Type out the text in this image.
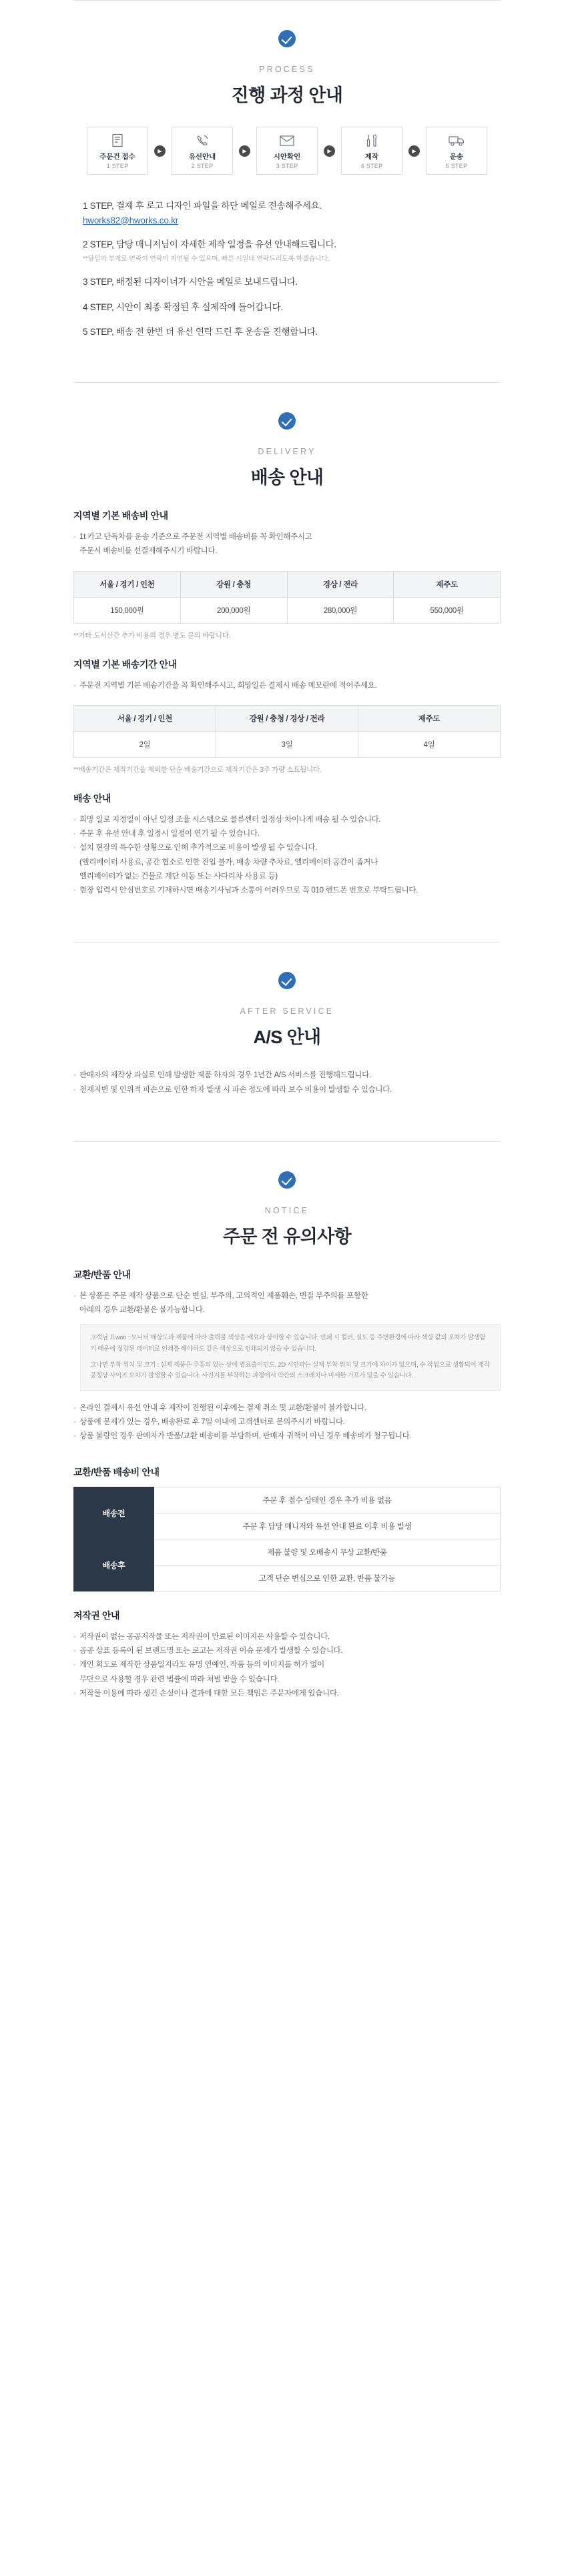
PROCESS
진행 과정 안내
주문건 접수
1 STEP
▶
유선안내
2 STEP
▶
시안확인
3 STEP
▶
제작
4 STEP
▶
운송
5 STEP
1 STEP, 결제 후 로고 디자인 파일을 하단 메일로 전송해주세요.
hworks82@hworks.co.kr
2 STEP, 담당 매니저님이 자세한 제작 일정을 유선 안내해드립니다.
**당일자 부재로 연락이 연락이 지연될 수 있으며, 빠른 시일내 연락드리도록 하겠습니다.
3 STEP, 배정된 디자이너가 시안을 메일로 보내드립니다.
4 STEP, 시안이 최종 확정된 후 실제작에 들어갑니다.
5 STEP, 배송 전 한번 더 유선 연락 드린 후 운송을 진행합니다.
DELIVERY
배송 안내
지역별 기본 배송비 안내
· 1t 카고 단독차를 운송 기준으로 주문전 지역별 배송비를 꼭 확인해주시고
주문시 배송비를 선결제해주시기 바랍니다.
서울 / 경기 / 인천	강원 / 충청	경상 / 전라	제주도
150,000원	200,000원	280,000원	550,000원
**기타 도서산간 추가 비용의 경우 별도 문의 바랍니다.
지역별 기본 배송기간 안내
· 주문전 지역별 기본 배송기간을 꼭 확인해주시고, 희망일은 결제시 배송 메모란에 적어주세요.
서울 / 경기 / 인천	강원 / 충청 / 경상 / 전라	제주도
2일	3일	4일
**배송기간은 제작기간을 제외한 단순 배송기간으로 제작기간은 3주 가량 소요됩니다.
배송 안내
· 희망 일로 지정일이 아닌 일정 조율 시스템으로 물류센터 일정상 차이나게 배송 될 수 있습니다.
· 주문 후 유선 안내 후 일정시 일정이 연기 될 수 있습니다.
· 설치 현장의 특수한 상황으로 인해 추가적으로 비용이 발생 될 수 있습니다.
(엘리베이터 사용료, 공간 협소로 인한 진입 불가, 배송 차량 추차료, 엘리베이터 공간이 좁거나
엘리베이터가 없는 건물로 계단 이동 또는 사다리차 사용료 등)
· 현장 입력시 안심번호로 기재하시면 배송기사님과 소통이 어려우므로 꼭 010 핸드폰 번호로 부탁드립니다.
AFTER SERVICE
A/S 안내
· 판매자의 제작상 과실로 인해 발생한 제품 하자의 경우 1년간 A/S 서비스를 진행해드립니다.
· 천재지변 및 인위적 파손으로 인한 하자 발생 시 파손 정도에 따라 보수 비용이 발생할 수 있습니다.
NOTICE
주문 전 유의사항
교환/반품 안내
· 본 상품은 주문 제작 상품으로 단순 변심, 부주의, 고의적인 제품훼손, 변질 부주의를 포함한
아래의 경우 교환/환불은 불가능합니다.

고객님 요won : 모니터 해상도과 제품에 따라 출력물 색상을 배요과 상이할 수 있습니다. 인쇄 시 컬러, 실도 등 주변환경에 따라 색상 값의 오차가 발생함기 때문에 절감된 데이터로 인쇄를 해야하도 같은 색상으로 인쇄되지 않을 수 있습니다.

고나면 부착 위치 및 크기 : 실제 제품은 주홍의 있는 상에 별표출이민도, 2D 시안과는 실제 부착 위치 및 크기에 차이가 있으며, 수 작업으로 생활되어 제작 공정상 사이즈 오차가 발생할 수 있습니다. 사진지를 부착하는 과정에서 약간의 스크래치나 미세한 기포가 있을 수 있습니다.

· 온라인 결제시 유선 안내 후 제작이 진행된 이후에는 결제 취소 및 교환/환불이 불가합니다.
· 상품에 문제가 있는 경우, 배송완료 후 7일 이내에 고객센터로 문의주시기 바랍니다.
· 상품 불량인 경우 판매자가 반품/교환 배송비를 부담하며, 판매자 귀책이 아닌 경우 배송비가 청구됩니다.
교환/반품 배송비 안내
배송전	주문 후 접수 상태인 경우 추가 비용 없음
	주문 후 담당 매니저와 유선 안내 완료 이후 비용 발생
배송후	제품 불량 및 오배송시 무상 교환/반품
	고객 단순 변심으로 인한 교환, 반품 불가능
저작권 안내
· 저작권이 없는 공공저작물 또는 저작권이 만료된 이미지은 사용할 수 있습니다.
· 공공 상표 등록이 된 브랜드명 또는 로고는 저작권 이슈 문제가 발생할 수 있습니다.
· 개인 회도로 제작한 상품일지라도 유명 연예인, 작품 등의 이미지를 허가 없이
무단으로 사용할 경우 관련 법률에 따라 처벌 받을 수 있습니다.
· 저작물 이용에 따라 생긴 손실이나 결과에 대한 모든 책임은 주문자에게 있습니다.
